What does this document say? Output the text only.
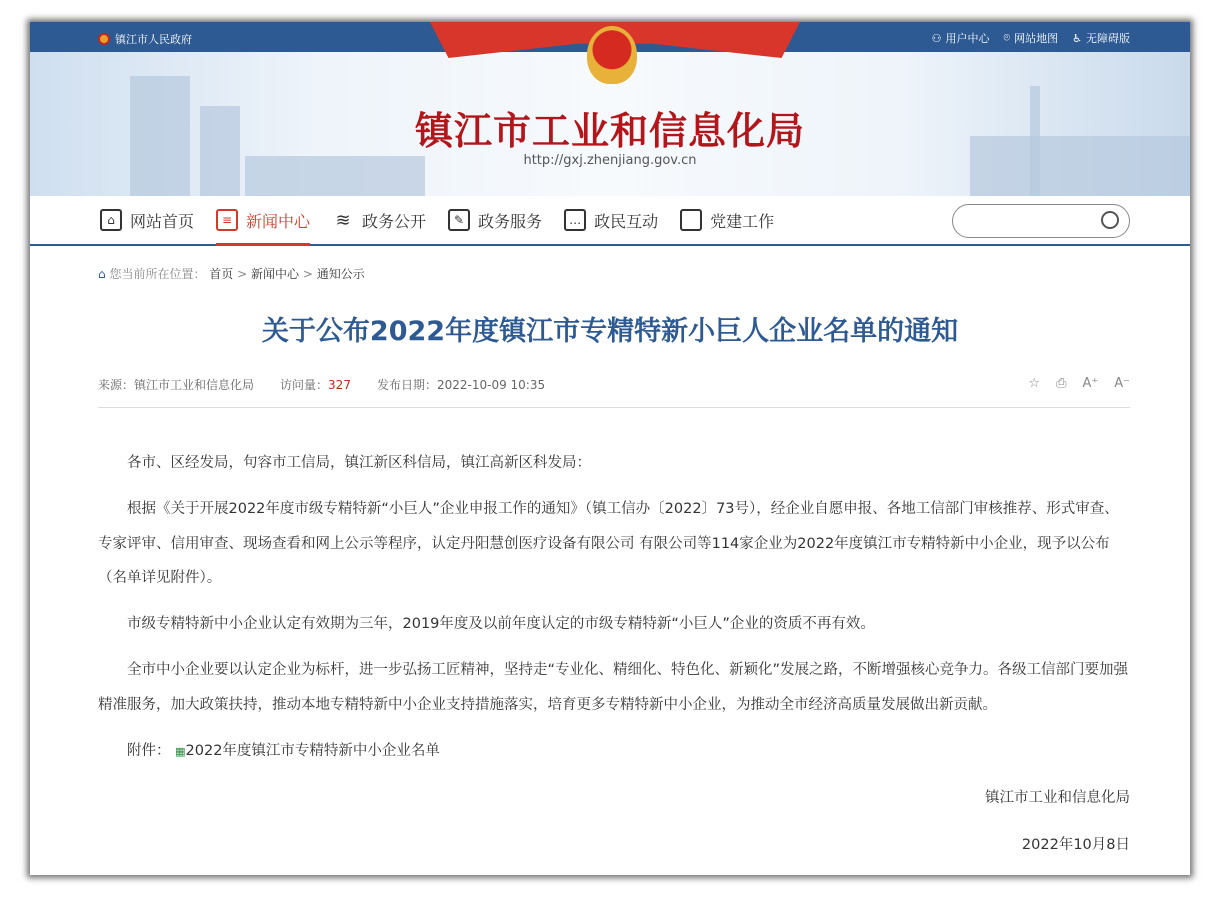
镇江市人民政府	⚇ 用户中心 ⌾ 网站地图 ♿ 无障碍版
镇江市工业和信息化局
http://gxj.zhenjiang.gov.cn
⌂ 网站首页	≡ 新闻中心 ≋ 政务公开	✎ 政务服务	… 政民互动	党建工作
⌂ 您当前所在位置： 首页 > 新闻中心 > 通知公示
关于公布2022年度镇江市专精特新小巨人企业名单的通知
来源：镇江市工业和信息化局 访问量：327 发布日期：2022-10-09 10:35	☆ ⎙ A⁺ A⁻

各市、区经发局，句容市工信局，镇江新区科信局，镇江高新区科发局：

根据《关于开展2022年度市级专精特新“小巨人”企业申报工作的通知》（镇工信办〔2022〕73号），经企业自愿申报、各地工信部门审核推荐、形式审查、专家评审、信用审查、现场查看和网上公示等程序，认定丹阳慧创医疗设备有限公司 有限公司等114家企业为2022年度镇江市专精特新中小企业，现予以公布（名单详见附件）。

市级专精特新中小企业认定有效期为三年，2019年度及以前年度认定的市级专精特新“小巨人”企业的资质不再有效。

全市中小企业要以认定企业为标杆，进一步弘扬工匠精神，坚持走“专业化、精细化、特色化、新颖化”发展之路，不断增强核心竞争力。各级工信部门要加强精准服务，加大政策扶持，推动本地专精特新中小企业支持措施落实，培育更多专精特新中小企业，为推动全市经济高质量发展做出新贡献。

附件： ▦2022年度镇江市专精特新中小企业名单

镇江市工业和信息化局

2022年10月8日
